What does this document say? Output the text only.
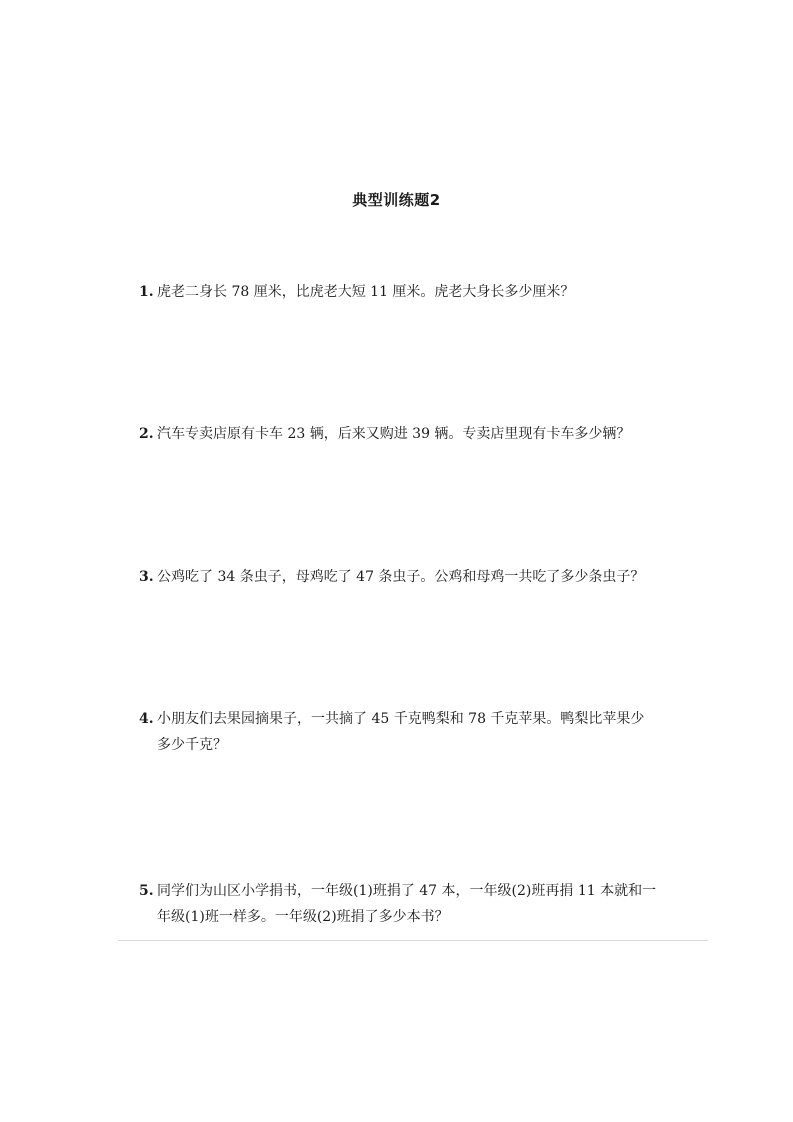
典型训练题2
1. 虎老二身长 78 厘米，比虎老大短 11 厘米。虎老大身长多少厘米？
2. 汽车专卖店原有卡车 23 辆，后来又购进 39 辆。专卖店里现有卡车多少辆？
3. 公鸡吃了 34 条虫子，母鸡吃了 47 条虫子。公鸡和母鸡一共吃了多少条虫子？
4. 小朋友们去果园摘果子，一共摘了 45 千克鸭梨和 78 千克苹果。鸭梨比苹果少
多少千克？
5. 同学们为山区小学捐书，一年级(1)班捐了 47 本，一年级(2)班再捐 11 本就和一
年级(1)班一样多。一年级(2)班捐了多少本书？
